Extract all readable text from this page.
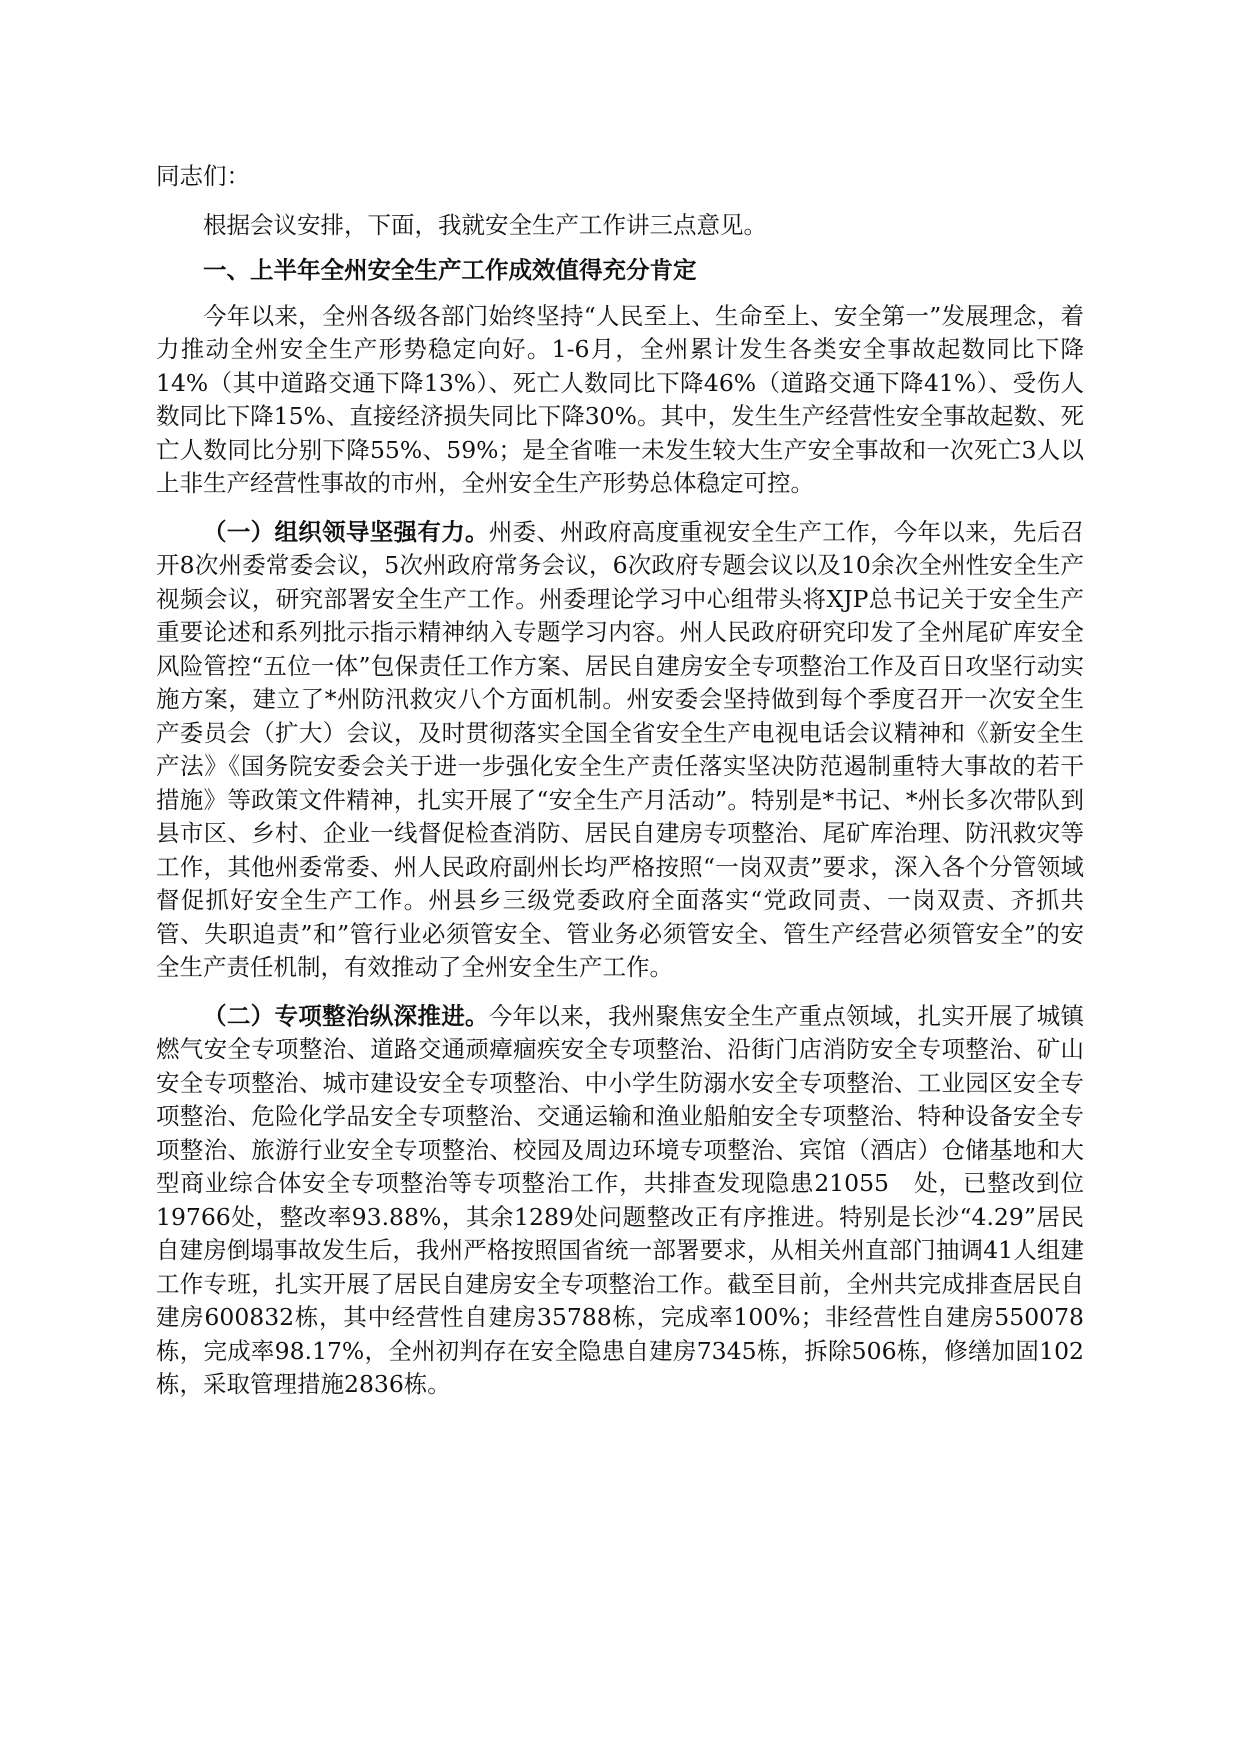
同志们：

根据会议安排，下面，我就安全生产工作讲三点意见。

一、上半年全州安全生产工作成效值得充分肯定

今年以来，全州各级各部门始终坚持“人民至上、生命至上、安全第一”发展理念，着力推动全州安全生产形势稳定向好。1-6月，全州累计发生各类安全事故起数同比下降14%（其中道路交通下降13%）、死亡人数同比下降46%（道路交通下降41%）、受伤人数同比下降15%、直接经济损失同比下降30%。其中，发生生产经营性安全事故起数、死亡人数同比分别下降55%、59%；是全省唯一未发生较大生产安全事故和一次死亡3人以上非生产经营性事故的市州，全州安全生产形势总体稳定可控。

（一）组织领导坚强有力。州委、州政府高度重视安全生产工作，今年以来，先后召开8次州委常委会议，5次州政府常务会议，6次政府专题会议以及10余次全州性安全生产视频会议，研究部署安全生产工作。州委理论学习中心组带头将XJP总书记关于安全生产重要论述和系列批示指示精神纳入专题学习内容。州人民政府研究印发了全州尾矿库安全风险管控“五位一体”包保责任工作方案、居民自建房安全专项整治工作及百日攻坚行动实施方案，建立了*州防汛救灾八个方面机制。州安委会坚持做到每个季度召开一次安全生产委员会（扩大）会议，及时贯彻落实全国全省安全生产电视电话会议精神和《新安全生产法》《国务院安委会关于进一步强化安全生产责任落实坚决防范遏制重特大事故的若干措施》等政策文件精神，扎实开展了“安全生产月活动”。特别是*书记、*州长多次带队到县市区、乡村、企业一线督促检查消防、居民自建房专项整治、尾矿库治理、防汛救灾等工作，其他州委常委、州人民政府副州长均严格按照“一岗双责”要求，深入各个分管领域督促抓好安全生产工作。州县乡三级党委政府全面落实“党政同责、一岗双责、齐抓共管、失职追责”和”管行业必须管安全、管业务必须管安全、管生产经营必须管安全”的安全生产责任机制，有效推动了全州安全生产工作。

（二）专项整治纵深推进。今年以来，我州聚焦安全生产重点领域，扎实开展了城镇燃气安全专项整治、道路交通顽瘴痼疾安全专项整治、沿街门店消防安全专项整治、矿山安全专项整治、城市建设安全专项整治、中小学生防溺水安全专项整治、工业园区安全专项整治、危险化学品安全专项整治、交通运输和渔业船舶安全专项整治、特种设备安全专项整治、旅游行业安全专项整治、校园及周边环境专项整治、宾馆（酒店）仓储基地和大型商业综合体安全专项整治等专项整治工作，共排查发现隐患21055　处，已整改到位19766处，整改率93.88%，其余1289处问题整改正有序推进。特别是长沙“4.29”居民自建房倒塌事故发生后，我州严格按照国省统一部署要求，从相关州直部门抽调41人组建工作专班，扎实开展了居民自建房安全专项整治工作。截至目前，全州共完成排查居民自建房600832栋，其中经营性自建房35788栋，完成率100%；非经营性自建房550078栋，完成率98.17%，全州初判存在安全隐患自建房7345栋，拆除506栋，修缮加固102栋，采取管理措施2836栋。
